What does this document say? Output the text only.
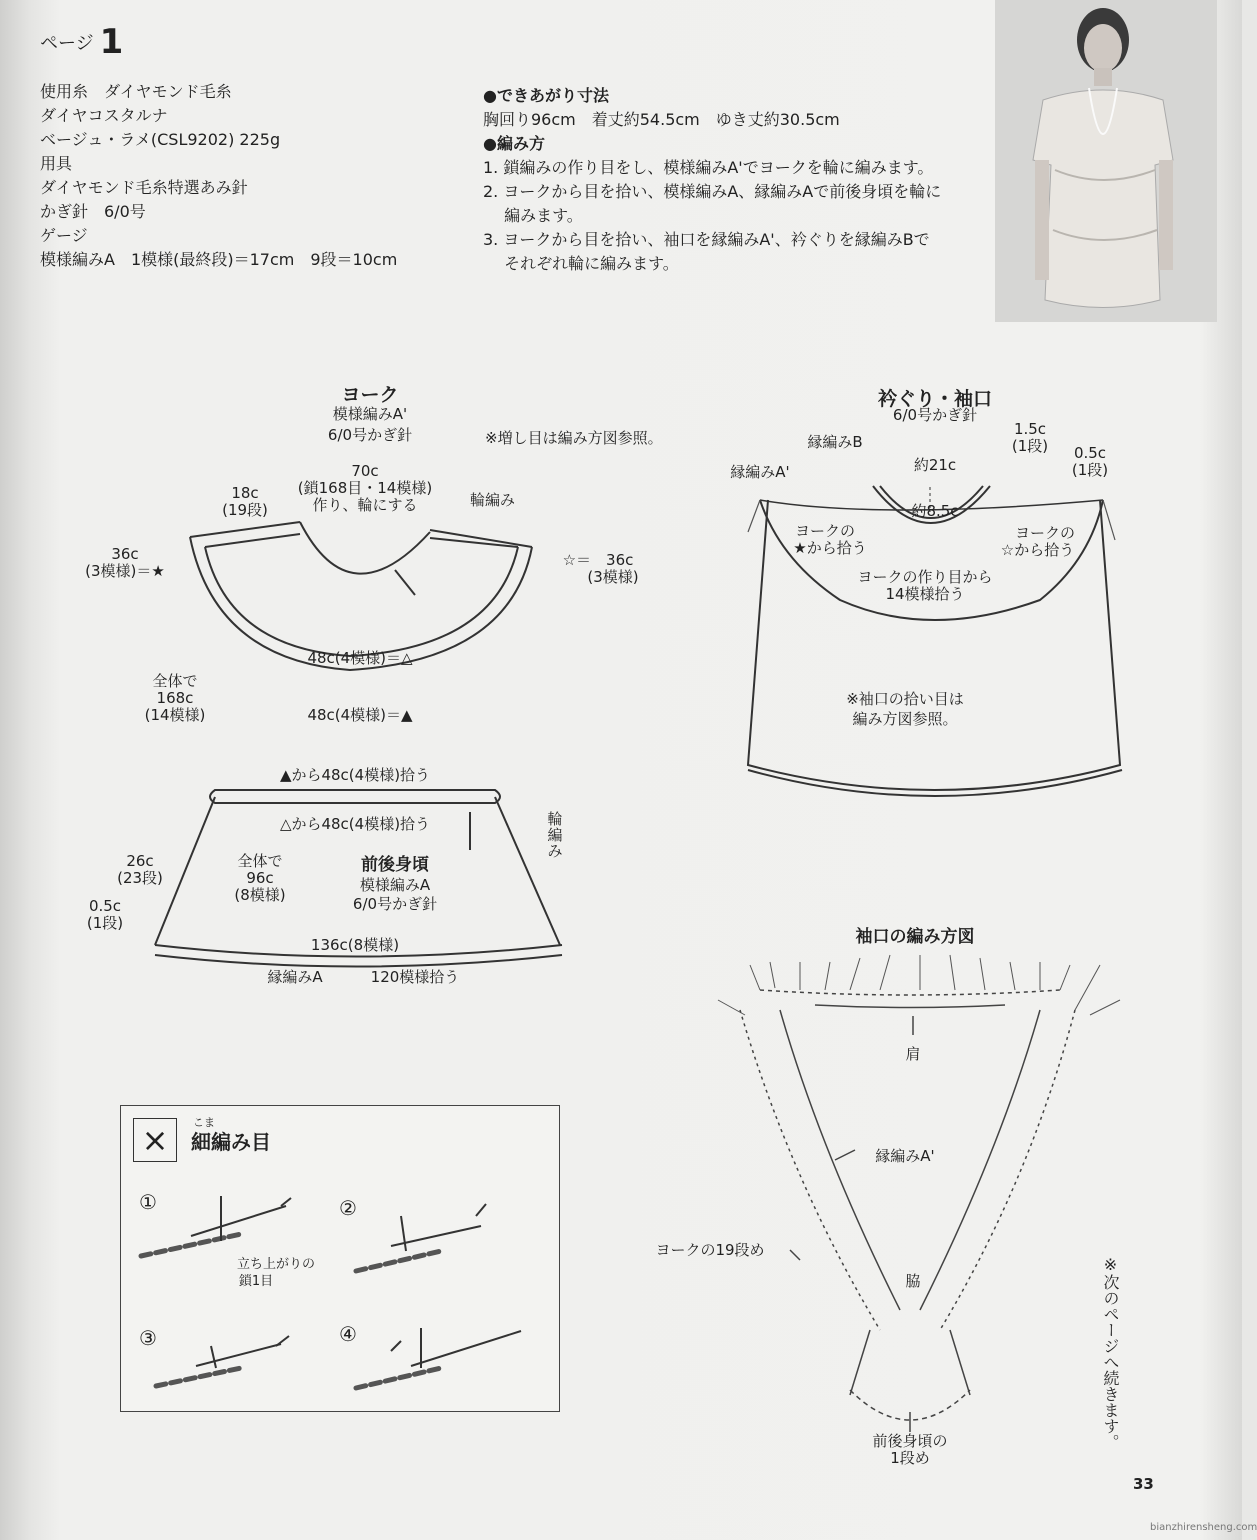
ページ 1
使用糸　ダイヤモンド毛糸
ダイヤコスタルナ
ベージュ・ラメ(CSL9202) 225g
用具
ダイヤモンド毛糸特選あみ針
かぎ針　6/0号
ゲージ
模様編みA　1模様(最終段)＝17cm　9段＝10cm
●できあがり寸法
胸回り96cm　着丈約54.5cm　ゆき丈約30.5cm
●編み方
1. 鎖編みの作り目をし、模様編みA'でヨークを輪に編みます。
2. ヨークから目を拾い、模様編みA、縁編みAで前後身頃を輪に
　 編みます。
3. ヨークから目を拾い、袖口を縁編みA'、衿ぐりを縁編みBで
　 それぞれ輪に編みます。
ヨーク
模様編みA'
6/0号かぎ針	※増し目は編み方図参照。
70c
(鎖168目・14模様)
作り、輪にする
18c
(19段)
輪編み
36c
(3模様)＝★
☆＝　36c
(3模様)
48c(4模様)＝△
48c(4模様)＝▲
全体で
168c
(14模様)
▲から48c(4模様)拾う
△から48c(4模様)拾う
前後身頃
模様編みA
6/0号かぎ針
全体で
96c
(8模様)
26c
(23段)
0.5c
(1段)
輪
編
み
136c(8模様)
縁編みA	120模様拾う
衿ぐり・袖口
6/0号かぎ針
縁編みB
縁編みA'	約21c
約8.5c
1.5c
(1段)	0.5c
(1段)
ヨークの
★から拾う
ヨークの
☆から拾う
ヨークの作り目から
14模様拾う
※袖口の拾い目は
編み方図参照。
袖口の編み方図
肩
縁編みA'
ヨークの19段め
脇
前後身頃の
1段め
※次のページへ続きます。
×	こま
細編み目
①	②
③	④
立ち上がりの
鎖1目
33
bianzhirensheng.com
